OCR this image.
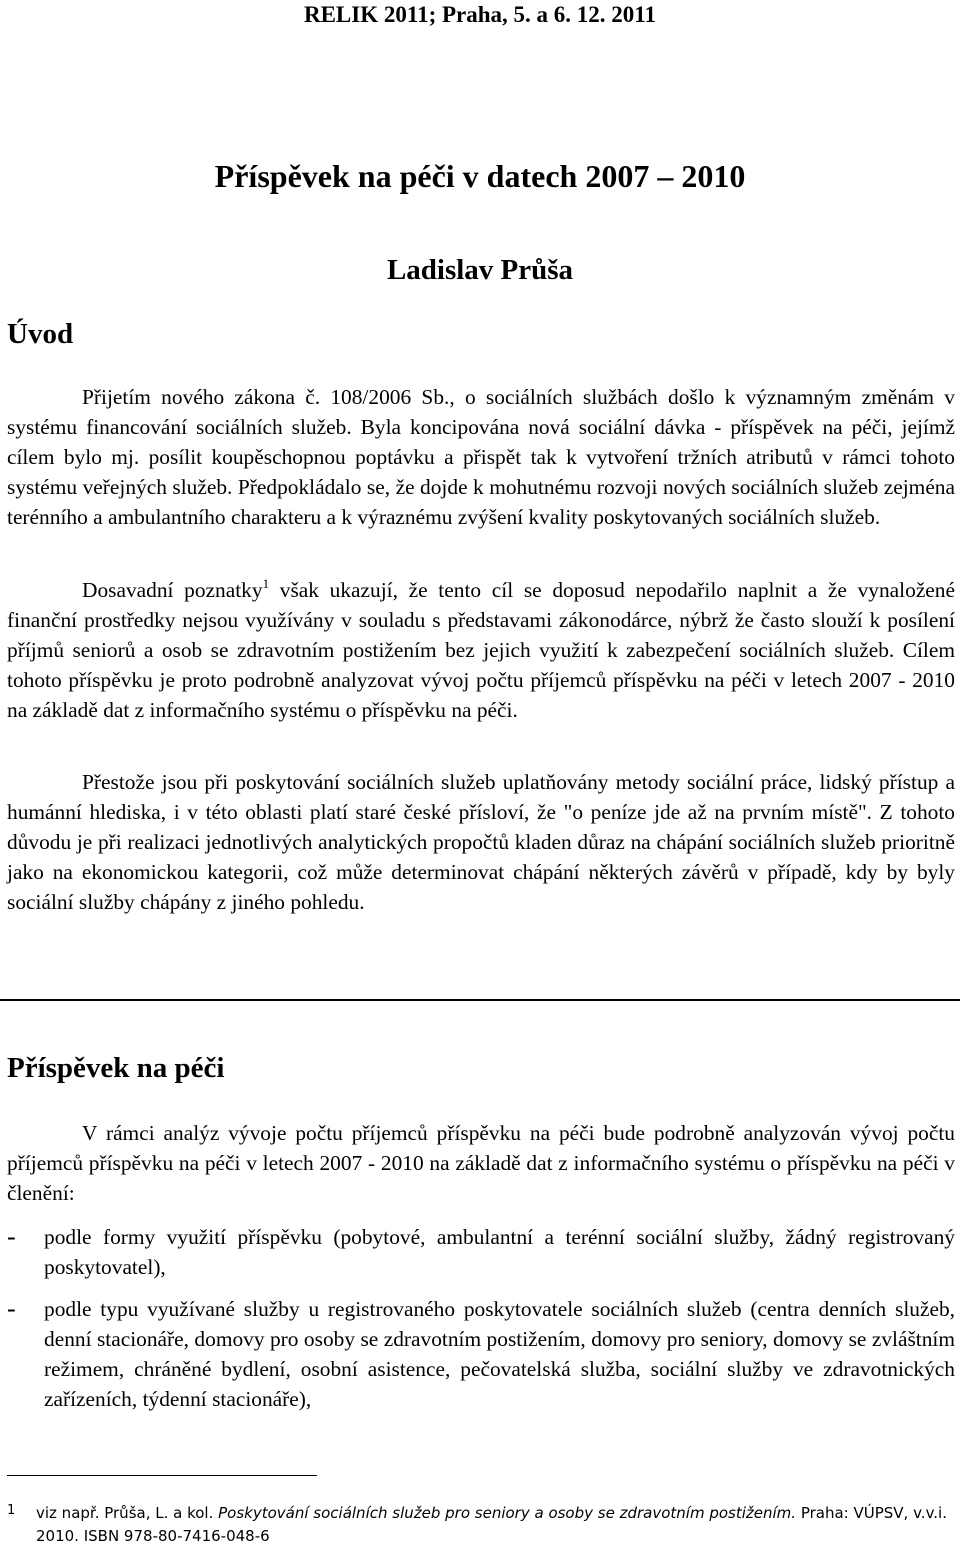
RELIK 2011; Praha, 5. a 6. 12. 2011
Příspěvek na péči v datech 2007 – 2010
Ladislav Průša
Úvod

Přijetím nového zákona č. 108/2006 Sb., o sociálních službách došlo k významným změnám v systému financování sociálních služeb. Byla koncipována nová sociální dávka - příspěvek na péči, jejímž cílem bylo mj. posílit koupěschopnou poptávku a přispět tak k vytvoření tržních atributů v rámci tohoto systému veřejných služeb. Předpokládalo se, že dojde k mohutnému rozvoji nových sociálních služeb zejména terénního a ambulantního charakteru a k výraznému zvýšení kvality poskytovaných sociálních služeb.

Dosavadní poznatky$^1$ však ukazují, že tento cíl se doposud nepodařilo naplnit a že vynaložené finanční prostředky nejsou využívány v souladu s představami zákonodárce, nýbrž že často slouží k posílení příjmů seniorů a osob se zdravotním postižením bez jejich využití k zabezpečení sociálních služeb. Cílem tohoto příspěvku je proto podrobně analyzovat vývoj počtu příjemců příspěvku na péči v letech 2007 - 2010 na základě dat z informačního systému o příspěvku na péči.

Přestože jsou při poskytování sociálních služeb uplatňovány metody sociální práce, lidský přístup a humánní hlediska, i v této oblasti platí staré české přísloví, že "o peníze jde až na prvním místě". Z tohoto důvodu je při realizaci jednotlivých analytických propočtů kladen důraz na chápání sociálních služeb prioritně jako na ekonomickou kategorii, což může determinovat chápání některých závěrů v případě, kdy by byly sociální služby chápány z jiného pohledu.

Příspěvek na péči

V rámci analýz vývoje počtu příjemců příspěvku na péči bude podrobně analyzován vývoj počtu příjemců příspěvku na péči v letech 2007 - 2010 na základě dat z informačního systému o příspěvku na péči v členění:

- podle formy využití příspěvku (pobytové, ambulantní a terénní sociální služby, žádný registrovaný poskytovatel),
- podle typu využívané služby u registrovaného poskytovatele sociálních služeb (centra denních služeb, denní stacionáře, domovy pro osoby se zdravotním postižením, domovy pro seniory, domovy se zvláštním režimem, chráněné bydlení, osobní asistence, pečovatelská služba, sociální služby ve zdravotnických zařízeních, týdenní stacionáře),
1 viz např. Průša, L. a kol. Poskytování sociálních služeb pro seniory a osoby se zdravotním postižením. Praha: VÚPSV, v.v.i. 2010. ISBN 978-80-7416-048-6
